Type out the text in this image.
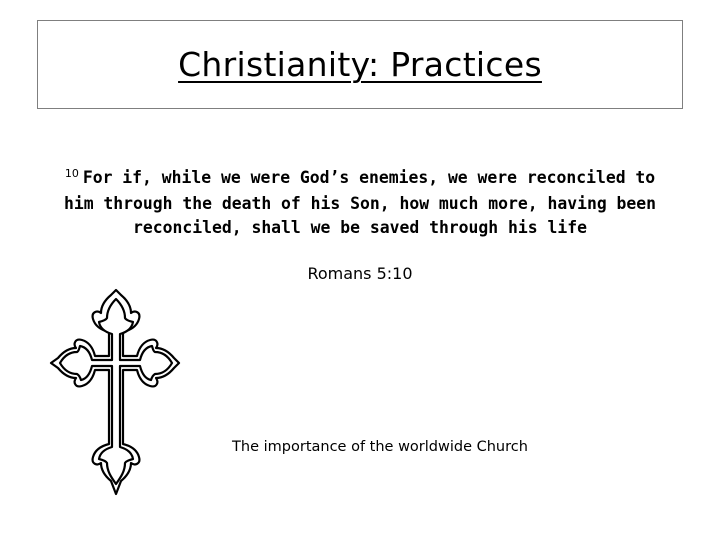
Christianity: Practices
$^{10}$ For if, while we were God’s enemies, we were reconciled to him through the death of his Son, how much more, having been reconciled, shall we be saved through his life
Romans 5:10
The importance of the worldwide Church
